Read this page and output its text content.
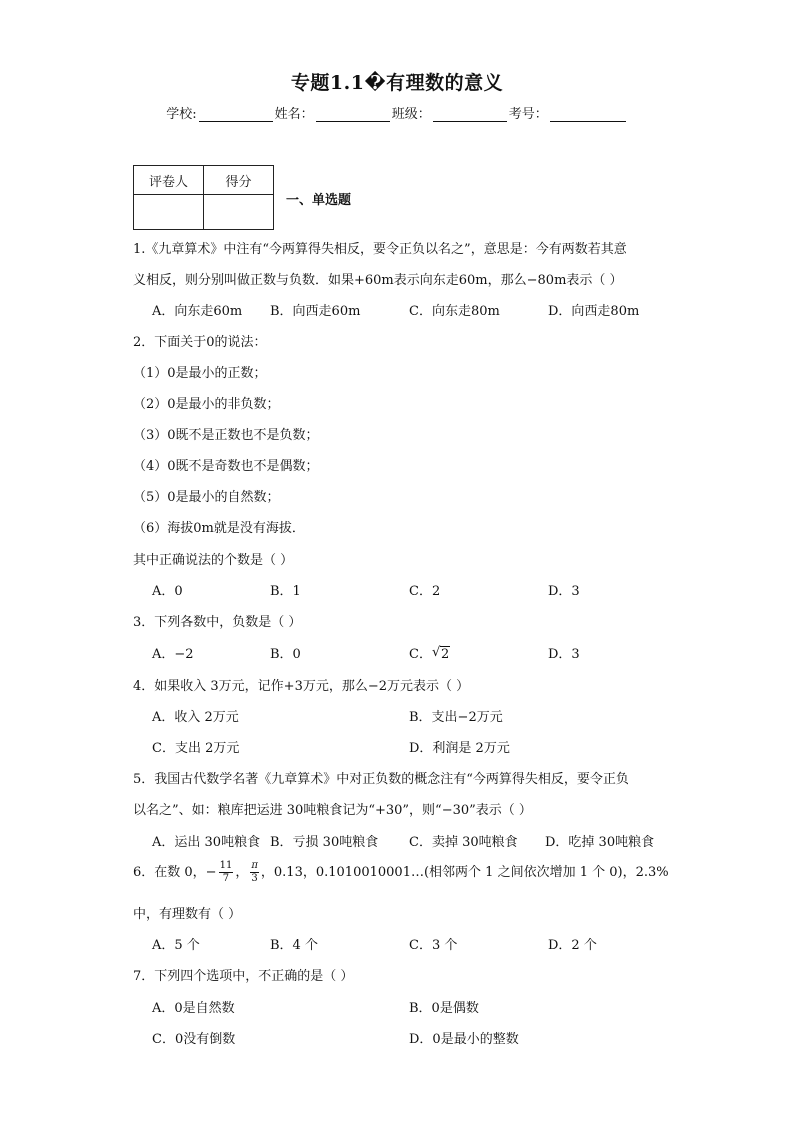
专题1.1�有理数的意义
学校:	姓名：	班级：	考号：
评卷人	得分

一、单选题
1.《九章算术》中注有“今两算得失相反，要令正负以名之”，意思是：今有两数若其意
义相反，则分别叫做正数与负数．如果+60m表示向东走60m，那么−80m表示（ ）
A．向东走60m B．向西走60m	C．向东走80m	D．向西走80m
2．下面关于0的说法：
（1）0是最小的正数；
（2）0是最小的非负数；
（3）0既不是正数也不是负数；
（4）0既不是奇数也不是偶数；
（5）0是最小的自然数；
（6）海拔0m就是没有海拔．
其中正确说法的个数是（ ）
A．0	B．1	C．2	D．3
3．下列各数中，负数是（ ）
A．−2	B．0	C． √ 2	D．3
4．如果收入 3万元，记作+3万元，那么−2万元表示（ ）
A．收入 2万元	B．支出−2万元
C．支出 2万元	D．利润是 2万元
5．我国古代数学名著《九章算术》中对正负数的概念注有“今两算得失相反，要令正负
以名之”、如：粮库把运进 30吨粮食记为“+30”，则“−30”表示（ ）
A．运出 30吨粮食 B．亏损 30吨粮食 C．卖掉 30吨粮食 D．吃掉 30吨粮食
6．在数 0，− $\frac{11}{7}$ ， $\frac{\pi}{3}$ ，0.13，0.1010010001…(相邻两个 1 之间依次增加 1 个 0)，2.3%
中，有理数有（ ）
A．5 个	B．4 个	C．3 个	D．2 个
7．下列四个选项中，不正确的是（ ）
A．0是自然数	B．0是偶数
C．0没有倒数	D．0是最小的整数
